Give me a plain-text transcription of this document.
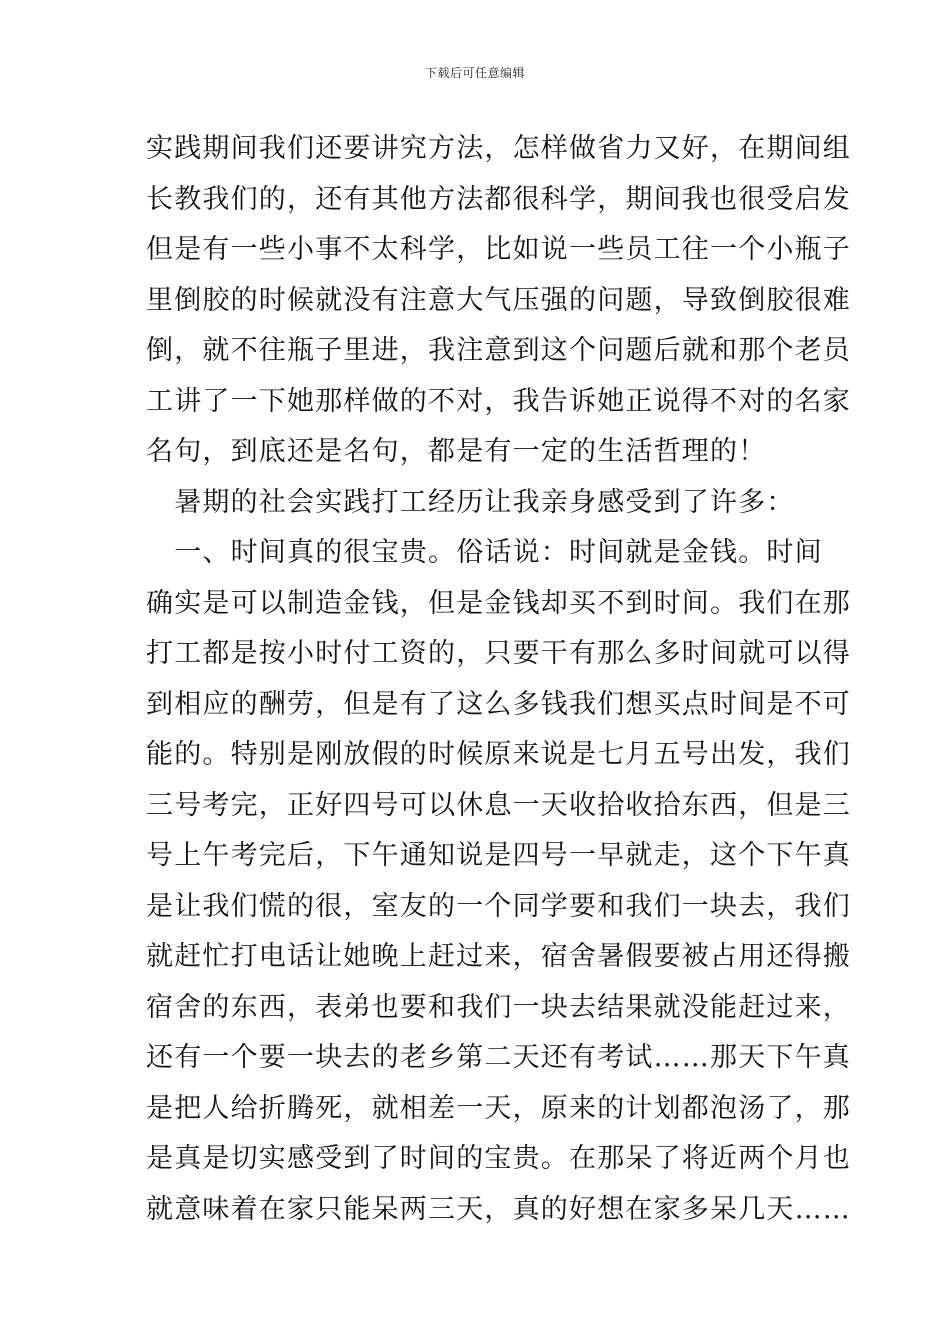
下载后可任意编辑
实践期间我们还要讲究方法，怎样做省力又好，在期间组
长教我们的，还有其他方法都很科学，期间我也很受启发
但是有一些小事不太科学，比如说一些员工往一个小瓶子
里倒胶的时候就没有注意大气压强的问题，导致倒胶很难
倒，就不往瓶子里进，我注意到这个问题后就和那个老员
工讲了一下她那样做的不对，我告诉她正说得不对的名家
名句，到底还是名句，都是有一定的生活哲理的！
　暑期的社会实践打工经历让我亲身感受到了许多：
　一、时间真的很宝贵。俗话说：时间就是金钱。时间
确实是可以制造金钱，但是金钱却买不到时间。我们在那
打工都是按小时付工资的，只要干有那么多时间就可以得
到相应的酬劳，但是有了这么多钱我们想买点时间是不可
能的。特别是刚放假的时候原来说是七月五号出发，我们
三号考完，正好四号可以休息一天收拾收拾东西，但是三
号上午考完后，下午通知说是四号一早就走，这个下午真
是让我们慌的很，室友的一个同学要和我们一块去，我们
就赶忙打电话让她晚上赶过来，宿舍暑假要被占用还得搬
宿舍的东西，表弟也要和我们一块去结果就没能赶过来，
还有一个要一块去的老乡第二天还有考试……那天下午真
是把人给折腾死，就相差一天，原来的计划都泡汤了，那
是真是切实感受到了时间的宝贵。在那呆了将近两个月也
就意味着在家只能呆两三天，真的好想在家多呆几天……
